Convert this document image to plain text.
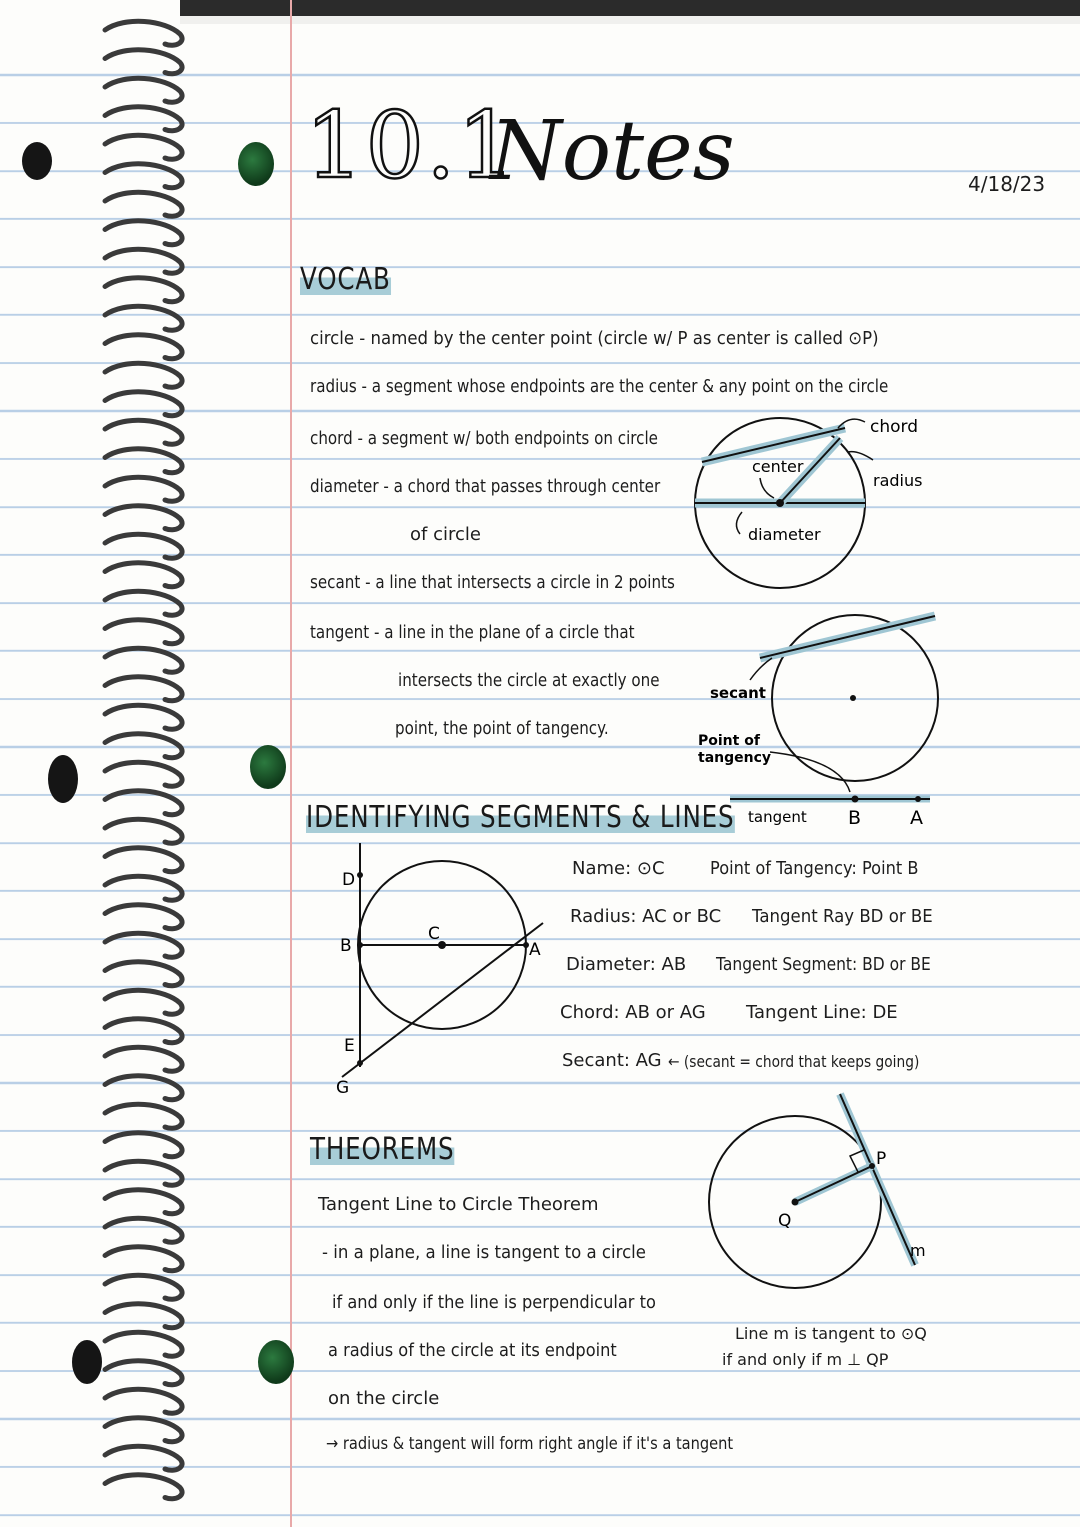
10.1
Notes	4/18/23
VOCAB
circle - named by the center point (circle w/ P as center is called ⊙P)
radius - a segment whose endpoints are the center & any point on the circle
chord - a segment w/ both endpoints on circle
diameter - a chord that passes through center
of circle
secant - a line that intersects a circle in 2 points
tangent - a line in the plane of a circle that
intersects the circle at exactly one
point, the point of tangency.
chord
center
radius
diameter
secant
Point of
tangency
tangent B	A
IDENTIFYING SEGMENTS & LINES
D
B
C
A
E
G
Name: ⊙C
Radius: AC or BC
Diameter: AB
Chord: AB or AG
Secant: AG ← (secant = chord that keeps going)
Point of Tangency: Point B
Tangent Ray BD or BE
Tangent Segment: BD or BE
Tangent Line: DE
THEOREMS
Tangent Line to Circle Theorem
- in a plane, a line is tangent to a circle
if and only if the line is perpendicular to
a radius of the circle at its endpoint
on the circle
→ radius & tangent will form right angle if it's a tangent
P
Q
m
Line m is tangent to ⊙Q
if and only if m ⊥ QP
